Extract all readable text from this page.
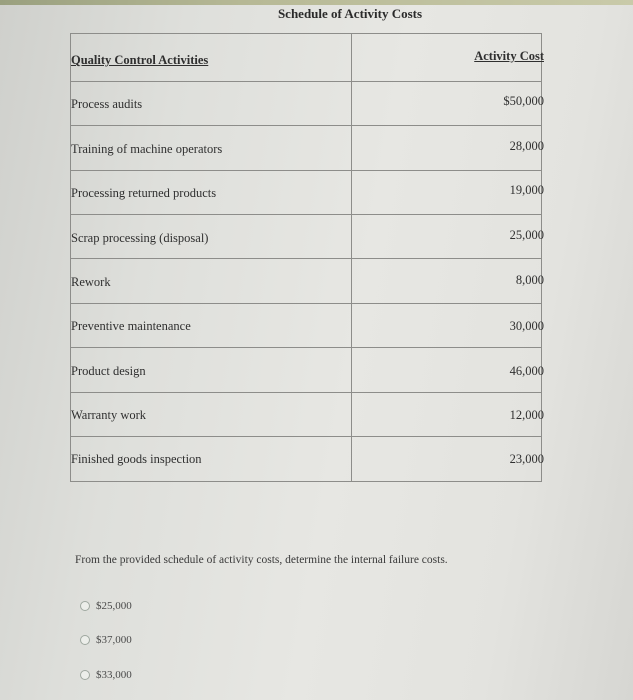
Schedule of Activity Costs
Quality Control Activities	Activity Cost
Process audits	$50,000
Training of machine operators	28,000
Processing returned products	19,000
Scrap processing (disposal)	25,000
Rework	8,000
Preventive maintenance	30,000
Product design	46,000
Warranty work	12,000
Finished goods inspection	23,000
From the provided schedule of activity costs, determine the internal failure costs.
$25,000
$37,000
$33,000
